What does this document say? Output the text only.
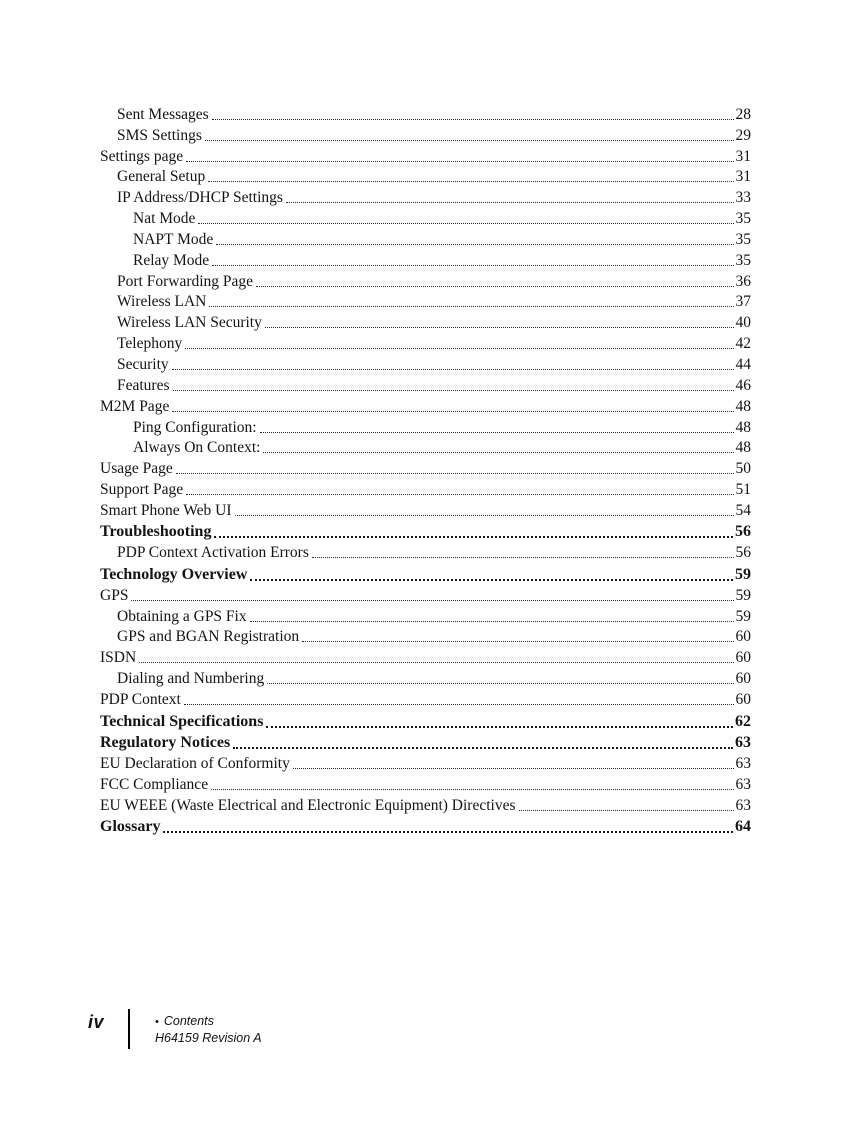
Sent Messages	28
SMS Settings	29
Settings page	31
General Setup	31
IP Address/DHCP Settings	33
Nat Mode	35
NAPT Mode	35
Relay Mode	35
Port Forwarding Page	36
Wireless LAN	37
Wireless LAN Security	40
Telephony	42
Security	44
Features	46
M2M Page	48
Ping Configuration:	48
Always On Context:	48
Usage Page	50
Support Page	51
Smart Phone Web UI	54
Troubleshooting	56
PDP Context Activation Errors	56
Technology Overview	59
GPS	59
Obtaining a GPS Fix	59
GPS and BGAN Registration	60
ISDN	60
Dialing and Numbering	60
PDP Context	60
Technical Specifications	62
Regulatory Notices	63
EU Declaration of Conformity	63
FCC Compliance	63
EU WEEE (Waste Electrical and Electronic Equipment) Directives	63
Glossary	64
iv	• Contents
H64159 Revision A
